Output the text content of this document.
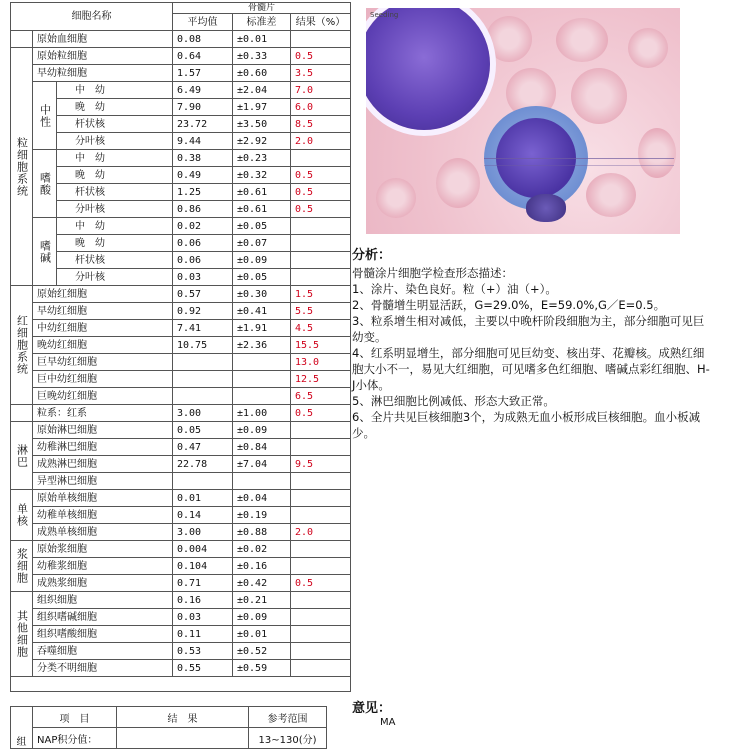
细胞名称			骨髓片		
			平均值	标准差	结果（%）
	原始血细胞		0.08	±0.01	
粒细胞系统	原始粒细胞		0.64	±0.33	0.5
	早幼粒细胞		1.57	±0.60	3.5
	中性	中　幼	6.49	±2.04	7.0
		晚　幼	7.90	±1.97	6.0
		杆状核	23.72	±3.50	8.5
		分叶核	9.44	±2.92	2.0
	嗜酸	中　幼	0.38	±0.23	
		晚　幼	0.49	±0.32	0.5
		杆状核	1.25	±0.61	0.5
		分叶核	0.86	±0.61	0.5
	嗜碱	中　幼	0.02	±0.05	
		晚　幼	0.06	±0.07	
		杆状核	0.06	±0.09	
		分叶核	0.03	±0.05	
红细胞系统	原始红细胞		0.57	±0.30	1.5
	早幼红细胞		0.92	±0.41	5.5
	中幼红细胞		7.41	±1.91	4.5
	晚幼红细胞		10.75	±2.36	15.5
	巨早幼红细胞				13.0
	巨中幼红细胞				12.5
	巨晚幼红细胞				6.5
	粒系：红系		3.00	±1.00	0.5
淋巴	原始淋巴细胞		0.05	±0.09	
	幼稚淋巴细胞		0.47	±0.84	
	成熟淋巴细胞		22.78	±7.04	9.5
	异型淋巴细胞				
单核	原始单核细胞		0.01	±0.04	
	幼稚单核细胞		0.14	±0.19	
	成熟单核细胞		3.00	±0.88	2.0
浆细胞	原始浆细胞		0.004	±0.02	
	幼稚浆细胞		0.104	±0.16	
	成熟浆细胞		0.71	±0.42	0.5
其他细胞	组织细胞		0.16	±0.21	
	组织嗜碱细胞		0.03	±0.09	
	组织嗜酸细胞		0.11	±0.01	
	吞噬细胞		0.53	±0.52	
	分类不明细胞		0.55	±0.59	

组	项　目	结　果	参考范围
	NAP积分值：		13~130(分)
Seeding
分析：
骨髓涂片细胞学检查形态描述：
1、涂片、染色良好。粒（+）油（+）。
2、骨髓增生明显活跃，G=29.0%，E=59.0%,G／E=0.5。
3、粒系增生相对减低，主要以中晚杆阶段细胞为主，部分细胞可见巨幼变。
4、红系明显增生，部分细胞可见巨幼变、核出芽、花瓣核。成熟红细胞大小不一，易见大红细胞，可见嗜多色红细胞、嗜碱点彩红细胞、H-J小体。
5、淋巴细胞比例减低、形态大致正常。
6、全片共见巨核细胞3个，为成熟无血小板形成巨核细胞。血小板减少。
意见：
MA
